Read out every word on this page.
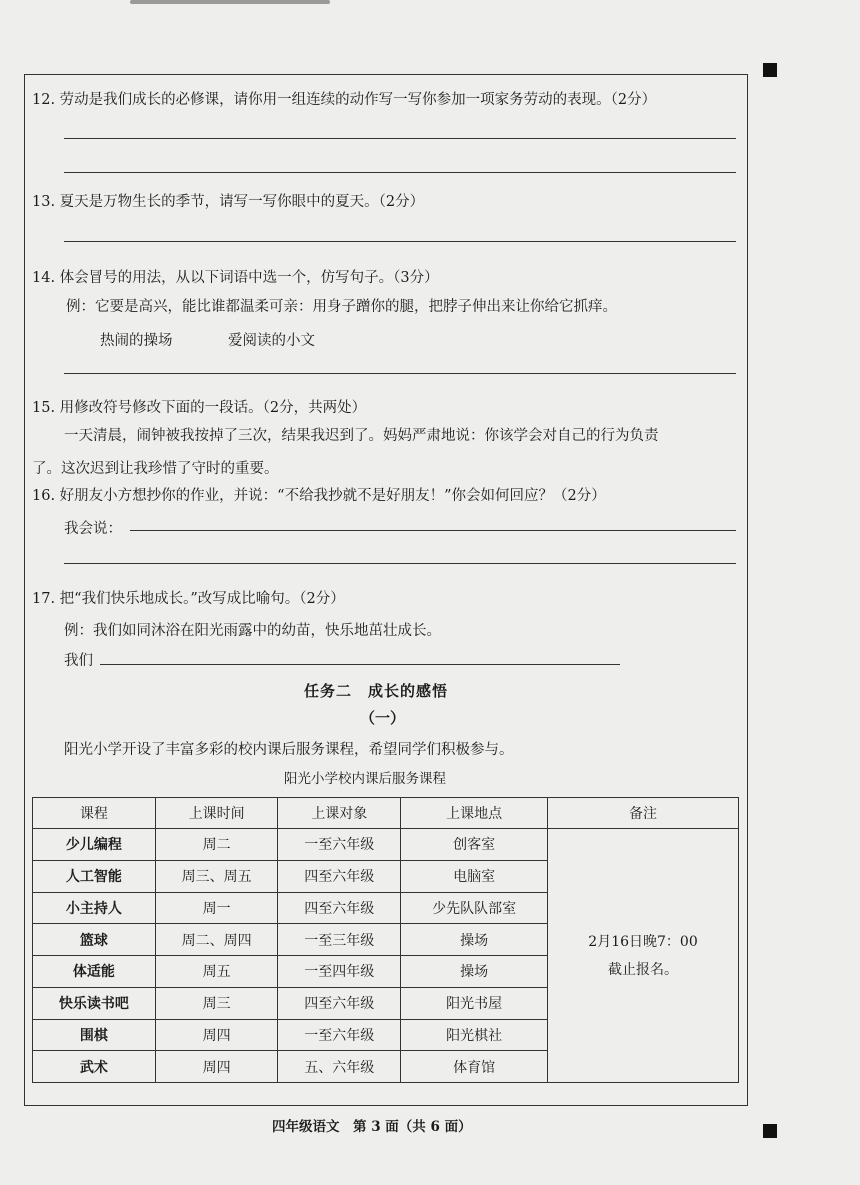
12. 劳动是我们成长的必修课，请你用一组连续的动作写一写你参加一项家务劳动的表现。（2分）
13. 夏天是万物生长的季节，请写一写你眼中的夏天。（2分）
14. 体会冒号的用法，从以下词语中选一个，仿写句子。（3分）
例：它要是高兴，能比谁都温柔可亲：用身子蹭你的腿，把脖子伸出来让你给它抓痒。
热闹的操场	爱阅读的小文
15. 用修改符号修改下面的一段话。（2分，共两处）
一天清晨，闹钟被我按掉了三次，结果我迟到了。妈妈严肃地说：你该学会对自己的行为负责
了。这次迟到让我珍惜了守时的重要。
16. 好朋友小方想抄你的作业，并说：“不给我抄就不是好朋友！”你会如何回应？（2分）
我会说：
17. 把“我们快乐地成长。”改写成比喻句。（2分）
例：我们如同沐浴在阳光雨露中的幼苗，快乐地茁壮成长。
我们
任务二　成长的感悟
（一）
阳光小学开设了丰富多彩的校内课后服务课程，希望同学们积极参与。
阳光小学校内课后服务课程
课程	上课时间	上课对象	上课地点	备注
少儿编程	周二	一至六年级	创客室	2月16日晚7：00
截止报名。

人工智能	周三、周五	四至六年级	电脑室	
小主持人	周一	四至六年级	少先队队部室	
篮球	周二、周四	一至三年级	操场	
体适能	周五	一至四年级	操场	
快乐读书吧	周三	四至六年级	阳光书屋	
围棋	周四	一至六年级	阳光棋社	
武术	周四	五、六年级	体育馆	
四年级语文　第 3 面（共 6 面）
